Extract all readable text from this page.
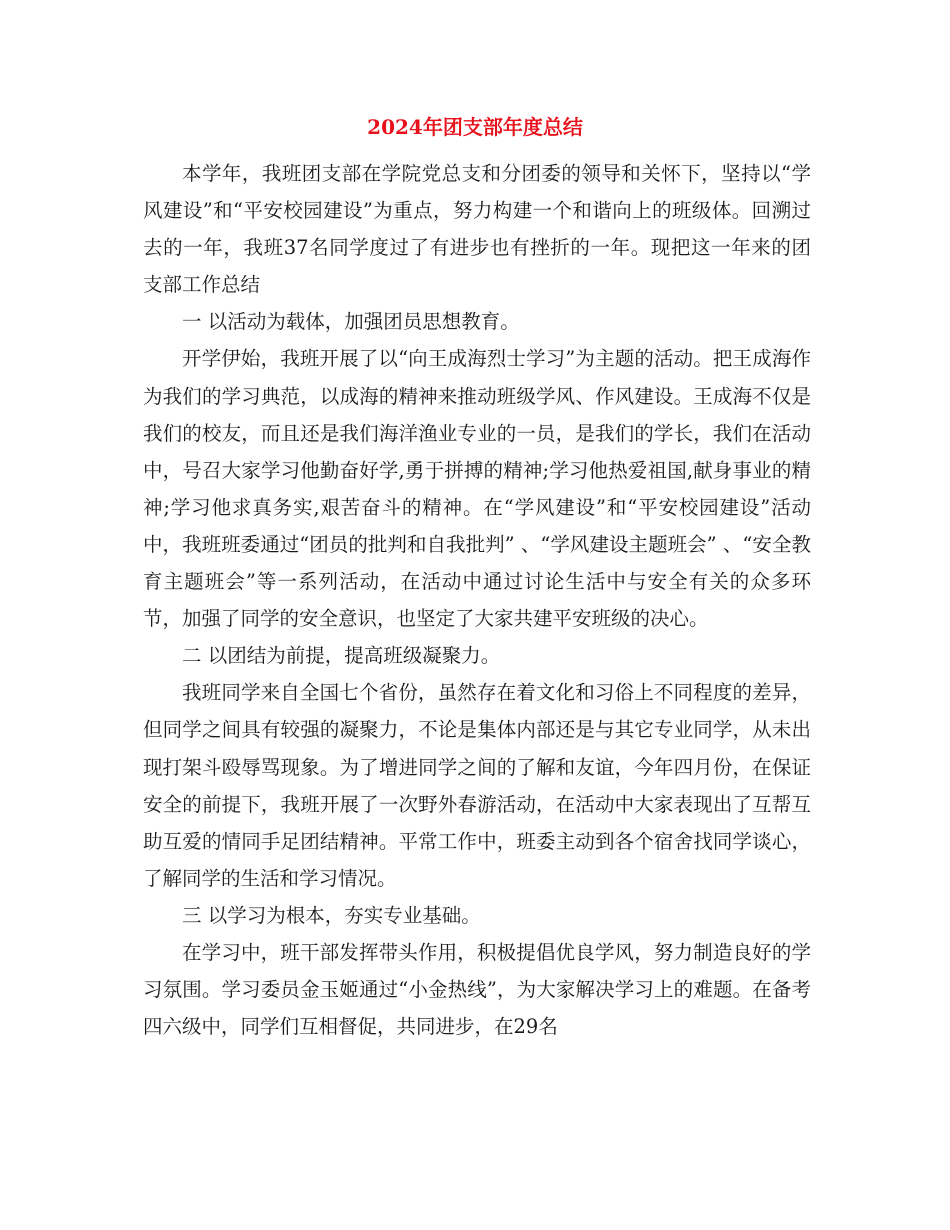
2024年团支部年度总结

本学年，我班团支部在学院党总支和分团委的领导和关怀下，坚持以“学风建设”和“平安校园建设”为重点，努力构建一个和谐向上的班级体。回溯过去的一年，我班37名同学度过了有进步也有挫折的一年。现把这一年来的团支部工作总结

一 以活动为载体，加强团员思想教育。

开学伊始，我班开展了以“向王成海烈士学习”为主题的活动。把王成海作为我们的学习典范，以成海的精神来推动班级学风、作风建设。王成海不仅是我们的校友，而且还是我们海洋渔业专业的一员，是我们的学长，我们在活动中，号召大家学习他勤奋好学,勇于拼搏的精神;学习他热爱祖国,献身事业的精神;学习他求真务实,艰苦奋斗的精神。在“学风建设”和“平安校园建设”活动中，我班班委通过“团员的批判和自我批判” 、“学风建设主题班会” 、“安全教育主题班会”等一系列活动，在活动中通过讨论生活中与安全有关的众多环节，加强了同学的安全意识，也坚定了大家共建平安班级的决心。

二 以团结为前提，提高班级凝聚力。

我班同学来自全国七个省份，虽然存在着文化和习俗上不同程度的差异，但同学之间具有较强的凝聚力，不论是集体内部还是与其它专业同学，从未出现打架斗殴辱骂现象。为了增进同学之间的了解和友谊，今年四月份，在保证安全的前提下，我班开展了一次野外春游活动，在活动中大家表现出了互帮互助互爱的情同手足团结精神。平常工作中，班委主动到各个宿舍找同学谈心，了解同学的生活和学习情况。

三 以学习为根本，夯实专业基础。

在学习中，班干部发挥带头作用，积极提倡优良学风，努力制造良好的学习氛围。学习委员金玉姬通过“小金热线”，为大家解决学习上的难题。在备考四六级中，同学们互相督促，共同进步，在29名
